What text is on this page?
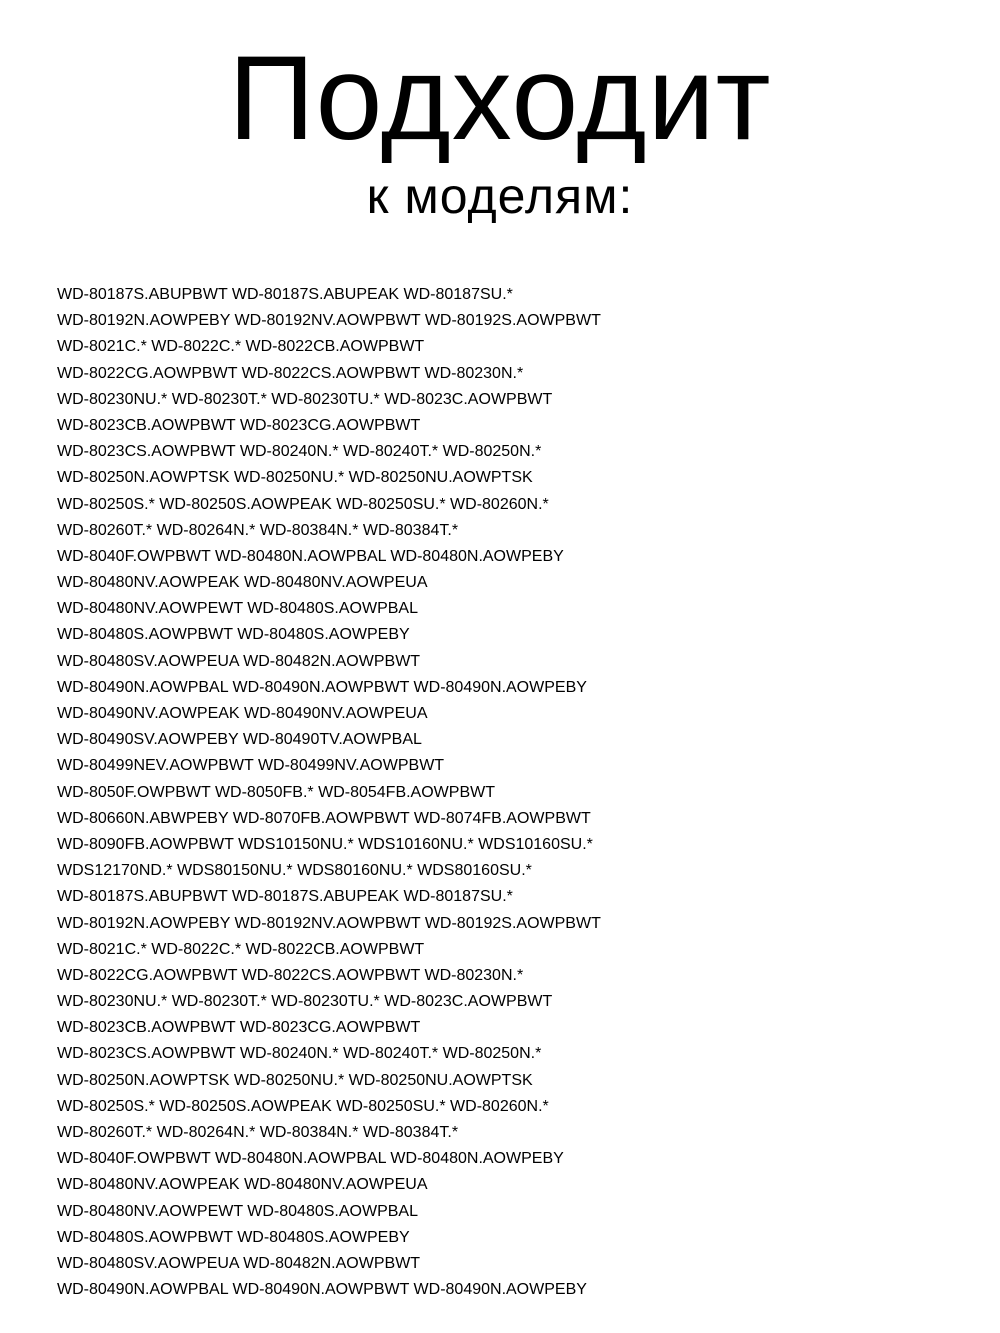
Подходит
к моделям:
WD-80187S.ABUPBWT WD-80187S.ABUPEAK WD-80187SU.*
WD-80192N.AOWPEBY WD-80192NV.AOWPBWT WD-80192S.AOWPBWT
WD-8021C.* WD-8022C.* WD-8022CB.AOWPBWT
WD-8022CG.AOWPBWT WD-8022CS.AOWPBWT WD-80230N.*
WD-80230NU.* WD-80230T.* WD-80230TU.* WD-8023C.AOWPBWT
WD-8023CB.AOWPBWT WD-8023CG.AOWPBWT
WD-8023CS.AOWPBWT WD-80240N.* WD-80240T.* WD-80250N.*
WD-80250N.AOWPTSK WD-80250NU.* WD-80250NU.AOWPTSK
WD-80250S.* WD-80250S.AOWPEAK WD-80250SU.* WD-80260N.*
WD-80260T.* WD-80264N.* WD-80384N.* WD-80384T.*
WD-8040F.OWPBWT WD-80480N.AOWPBAL WD-80480N.AOWPEBY
WD-80480NV.AOWPEAK WD-80480NV.AOWPEUA
WD-80480NV.AOWPEWT WD-80480S.AOWPBAL
WD-80480S.AOWPBWT WD-80480S.AOWPEBY
WD-80480SV.AOWPEUA WD-80482N.AOWPBWT
WD-80490N.AOWPBAL WD-80490N.AOWPBWT WD-80490N.AOWPEBY
WD-80490NV.AOWPEAK WD-80490NV.AOWPEUA
WD-80490SV.AOWPEBY WD-80490TV.AOWPBAL
WD-80499NEV.AOWPBWT WD-80499NV.AOWPBWT
WD-8050F.OWPBWT WD-8050FB.* WD-8054FB.AOWPBWT
WD-80660N.ABWPEBY WD-8070FB.AOWPBWT WD-8074FB.AOWPBWT
WD-8090FB.AOWPBWT WDS10150NU.* WDS10160NU.* WDS10160SU.*
WDS12170ND.* WDS80150NU.* WDS80160NU.* WDS80160SU.*
WD-80187S.ABUPBWT WD-80187S.ABUPEAK WD-80187SU.*
WD-80192N.AOWPEBY WD-80192NV.AOWPBWT WD-80192S.AOWPBWT
WD-8021C.* WD-8022C.* WD-8022CB.AOWPBWT
WD-8022CG.AOWPBWT WD-8022CS.AOWPBWT WD-80230N.*
WD-80230NU.* WD-80230T.* WD-80230TU.* WD-8023C.AOWPBWT
WD-8023CB.AOWPBWT WD-8023CG.AOWPBWT
WD-8023CS.AOWPBWT WD-80240N.* WD-80240T.* WD-80250N.*
WD-80250N.AOWPTSK WD-80250NU.* WD-80250NU.AOWPTSK
WD-80250S.* WD-80250S.AOWPEAK WD-80250SU.* WD-80260N.*
WD-80260T.* WD-80264N.* WD-80384N.* WD-80384T.*
WD-8040F.OWPBWT WD-80480N.AOWPBAL WD-80480N.AOWPEBY
WD-80480NV.AOWPEAK WD-80480NV.AOWPEUA
WD-80480NV.AOWPEWT WD-80480S.AOWPBAL
WD-80480S.AOWPBWT WD-80480S.AOWPEBY
WD-80480SV.AOWPEUA WD-80482N.AOWPBWT
WD-80490N.AOWPBAL WD-80490N.AOWPBWT WD-80490N.AOWPEBY
